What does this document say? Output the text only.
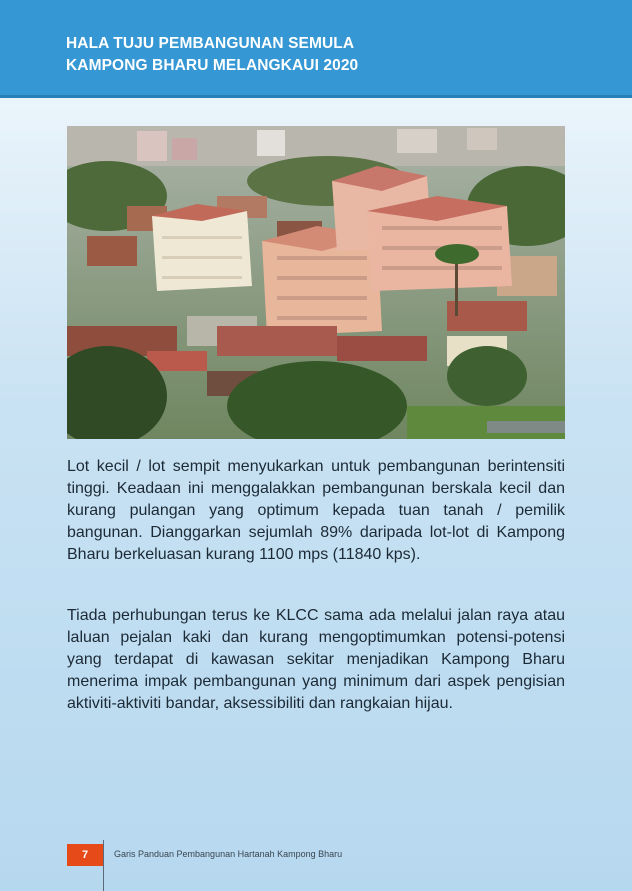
HALA TUJU PEMBANGUNAN SEMULA
KAMPONG BHARU MELANGKAUI 2020

Lot kecil / lot sempit menyukarkan untuk pembangunan berintensiti tinggi. Keadaan ini menggalakkan pembangunan berskala kecil dan kurang pulangan yang optimum kepada tuan tanah / pemilik bangunan. Dianggarkan sejumlah 89% daripada lot-lot di Kampong Bharu berkeluasan kurang 1100 mps (11840 kps).

Tiada perhubungan terus ke KLCC sama ada melalui jalan raya atau laluan pejalan kaki dan kurang mengoptimumkan potensi-potensi yang terdapat di kawasan sekitar menjadikan Kampong Bharu menerima impak pembangunan yang minimum dari aspek pengisian aktiviti-aktiviti bandar, aksessibiliti dan rangkaian hijau.

7	Garis Panduan Pembangunan Hartanah Kampong Bharu
